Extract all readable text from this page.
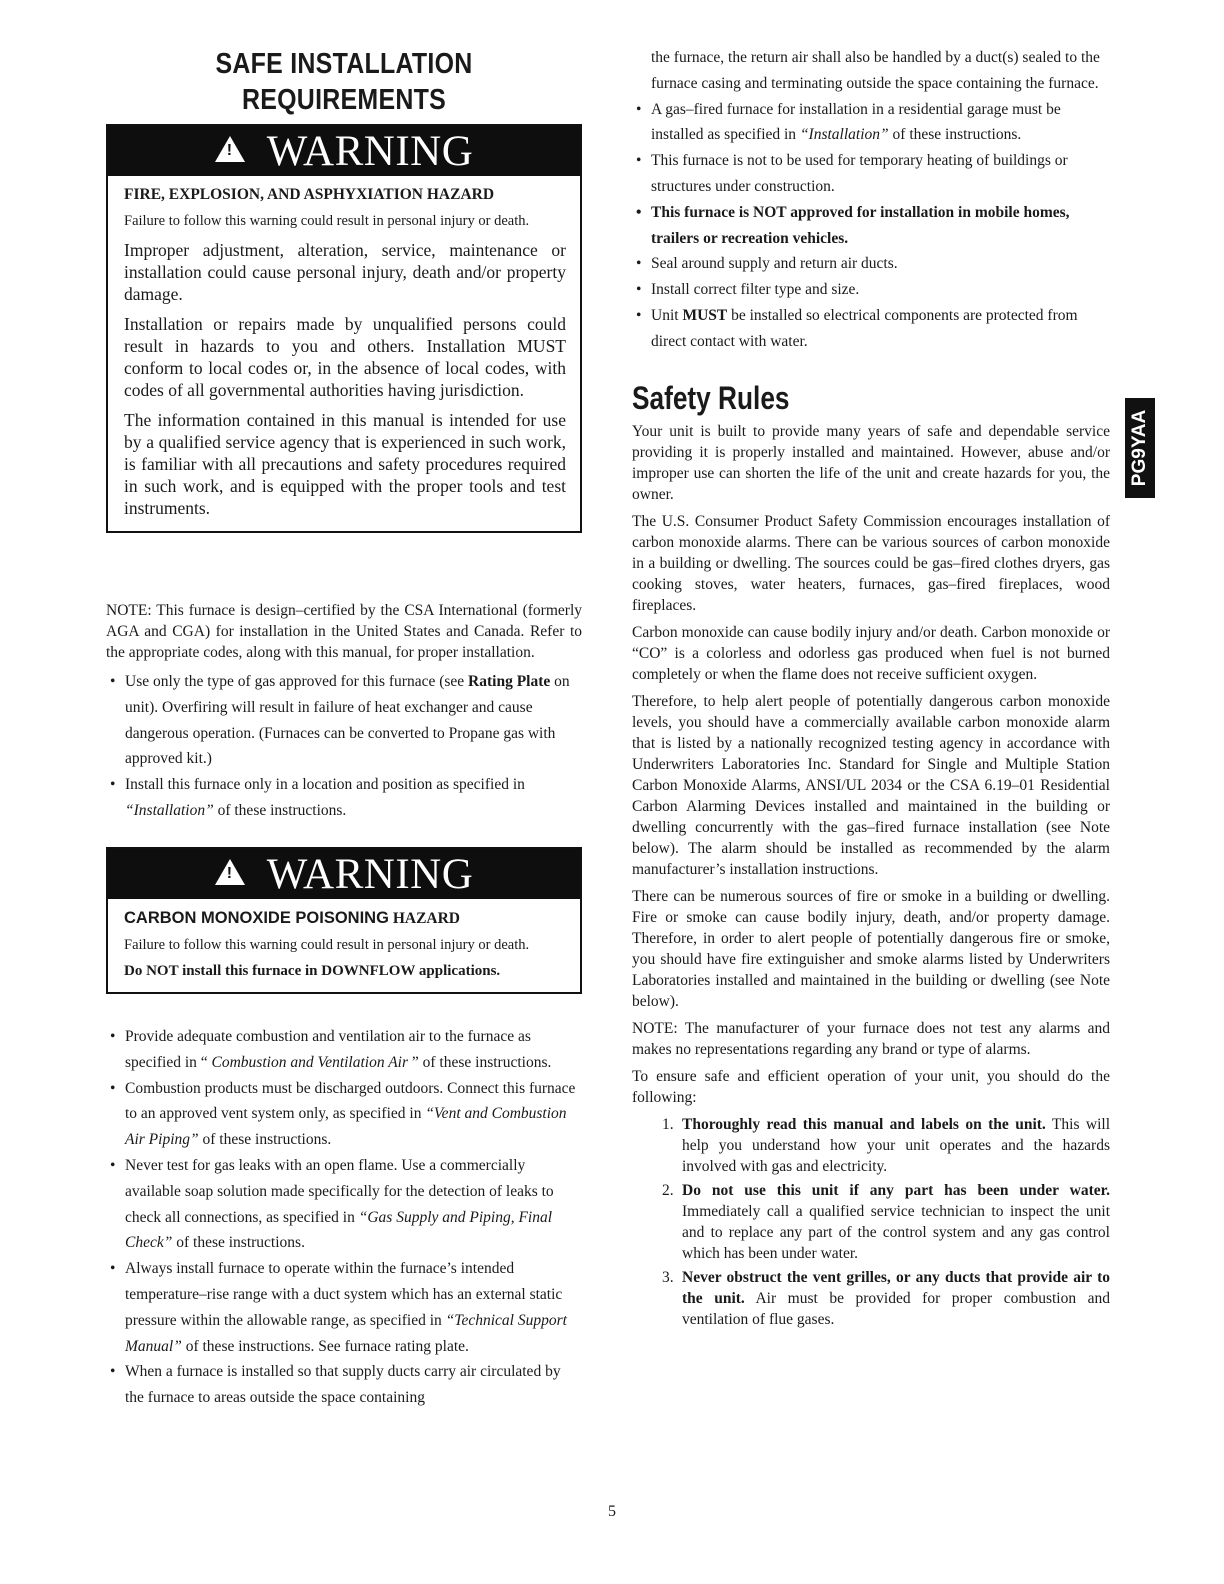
SAFE INSTALLATION
REQUIREMENTS
! WARNING

FIRE, EXPLOSION, AND ASPHYXIATION HAZARD

Failure to follow this warning could result in personal injury or death.

Improper adjustment, alteration, service, maintenance or installation could cause personal injury, death and/or property damage.

Installation or repairs made by unqualified persons could result in hazards to you and others. Installation MUST conform to local codes or, in the absence of local codes, with codes of all governmental authorities having jurisdiction.

The information contained in this manual is intended for use by a qualified service agency that is experienced in such work, is familiar with all precautions and safety procedures required in such work, and is equipped with the proper tools and test instruments.

NOTE: This furnace is design–certified by the CSA International (formerly AGA and CGA) for installation in the United States and Canada. Refer to the appropriate codes, along with this manual, for proper installation.

• Use only the type of gas approved for this furnace (see Rating Plate on unit). Overfiring will result in failure of heat exchanger and cause dangerous operation. (Furnaces can be converted to Propane gas with approved kit.)
• Install this furnace only in a location and position as specified in “Installation” of these instructions.
! WARNING

CARBON MONOXIDE POISONING HAZARD

Failure to follow this warning could result in personal injury or death.

Do NOT install this furnace in DOWNFLOW applications.

• Provide adequate combustion and ventilation air to the furnace as specified in “ Combustion and Ventilation Air ” of these instructions.
• Combustion products must be discharged outdoors. Connect this furnace to an approved vent system only, as specified in “Vent and Combustion Air Piping” of these instructions.
• Never test for gas leaks with an open flame. Use a commercially available soap solution made specifically for the detection of leaks to check all connections, as specified in “Gas Supply and Piping, Final Check” of these instructions.
• Always install furnace to operate within the furnace’s intended temperature–rise range with a duct system which has an external static pressure within the allowable range, as specified in “Technical Support Manual” of these instructions. See furnace rating plate.
• When a furnace is installed so that supply ducts carry air circulated by the furnace to areas outside the space containing

the furnace, the return air shall also be handled by a duct(s) sealed to the furnace casing and terminating outside the space containing the furnace.

• A gas–fired furnace for installation in a residential garage must be installed as specified in “Installation” of these instructions.
• This furnace is not to be used for temporary heating of buildings or structures under construction.
• This furnace is NOT approved for installation in mobile homes, trailers or recreation vehicles.
• Seal around supply and return air ducts.
• Install correct filter type and size.
• Unit MUST be installed so electrical components are protected from direct contact with water.
Safety Rules

Your unit is built to provide many years of safe and dependable service providing it is properly installed and maintained. However, abuse and/or improper use can shorten the life of the unit and create hazards for you, the owner.

The U.S. Consumer Product Safety Commission encourages installation of carbon monoxide alarms. There can be various sources of carbon monoxide in a building or dwelling. The sources could be gas–fired clothes dryers, gas cooking stoves, water heaters, furnaces, gas–fired fireplaces, wood fireplaces.

Carbon monoxide can cause bodily injury and/or death. Carbon monoxide or “CO” is a colorless and odorless gas produced when fuel is not burned completely or when the flame does not receive sufficient oxygen.

Therefore, to help alert people of potentially dangerous carbon monoxide levels, you should have a commercially available carbon monoxide alarm that is listed by a nationally recognized testing agency in accordance with Underwriters Laboratories Inc. Standard for Single and Multiple Station Carbon Monoxide Alarms, ANSI/UL 2034 or the CSA 6.19–01 Residential Carbon Alarming Devices installed and maintained in the building or dwelling concurrently with the gas–fired furnace installation (see Note below). The alarm should be installed as recommended by the alarm manufacturer’s installation instructions.

There can be numerous sources of fire or smoke in a building or dwelling. Fire or smoke can cause bodily injury, death, and/or property damage. Therefore, in order to alert people of potentially dangerous fire or smoke, you should have fire extinguisher and smoke alarms listed by Underwriters Laboratories installed and maintained in the building or dwelling (see Note below).

NOTE: The manufacturer of your furnace does not test any alarms and makes no representations regarding any brand or type of alarms.

To ensure safe and efficient operation of your unit, you should do the following:

1. Thoroughly read this manual and labels on the unit. This will help you understand how your unit operates and the hazards involved with gas and electricity.
2. Do not use this unit if any part has been under water. Immediately call a qualified service technician to inspect the unit and to replace any part of the control system and any gas control which has been under water.
3. Never obstruct the vent grilles, or any ducts that provide air to the unit. Air must be provided for proper combustion and ventilation of flue gases.
PG9YAA
5
